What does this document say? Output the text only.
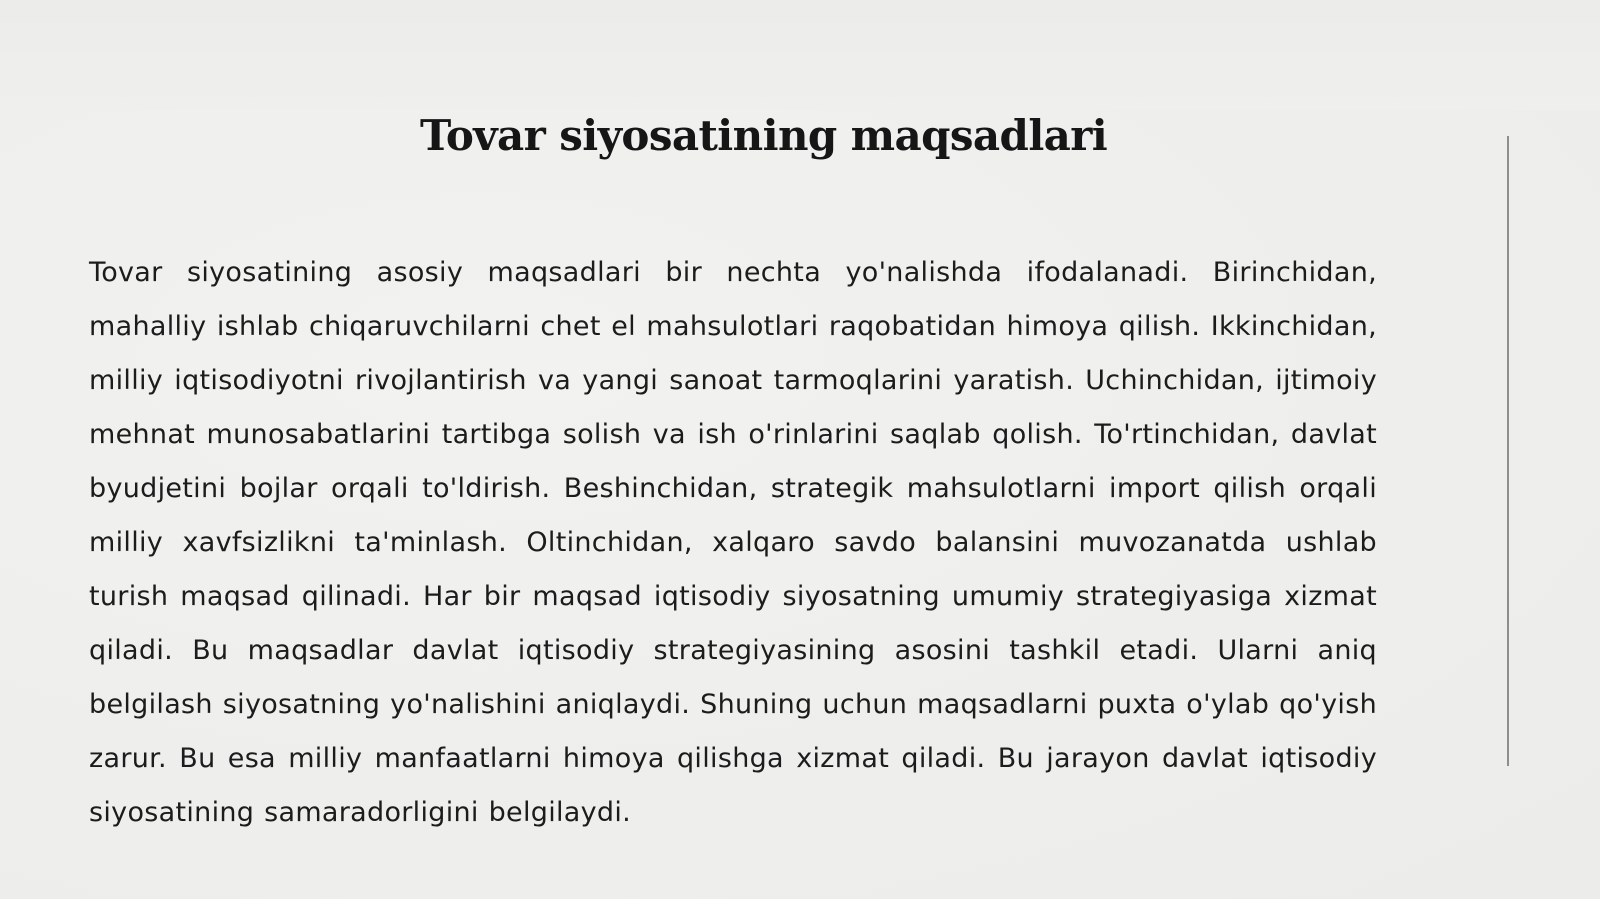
Tovar siyosatining maqsadlari

Tovar siyosatining asosiy maqsadlari bir nechta yo'nalishda ifodalanadi. Birinchidan, mahalliy ishlab chiqaruvchilarni chet el mahsulotlari raqobatidan himoya qilish. Ikkinchidan, milliy iqtisodiyotni rivojlantirish va yangi sanoat tarmoqlarini yaratish. Uchinchidan, ijtimoiy mehnat munosabatlarini tartibga solish va ish o'rinlarini saqlab qolish. To'rtinchidan, davlat byudjetini bojlar orqali to'ldirish. Beshinchidan, strategik mahsulotlarni import qilish orqali milliy xavfsizlikni ta'minlash. Oltinchidan, xalqaro savdo balansini muvozanatda ushlab turish maqsad qilinadi. Har bir maqsad iqtisodiy siyosatning umumiy strategiyasiga xizmat qiladi. Bu maqsadlar davlat iqtisodiy strategiyasining asosini tashkil etadi. Ularni aniq belgilash siyosatning yo'nalishini aniqlaydi. Shuning uchun maqsadlarni puxta o'ylab qo'yish zarur. Bu esa milliy manfaatlarni himoya qilishga xizmat qiladi. Bu jarayon davlat iqtisodiy siyosatining samaradorligini belgilaydi.
